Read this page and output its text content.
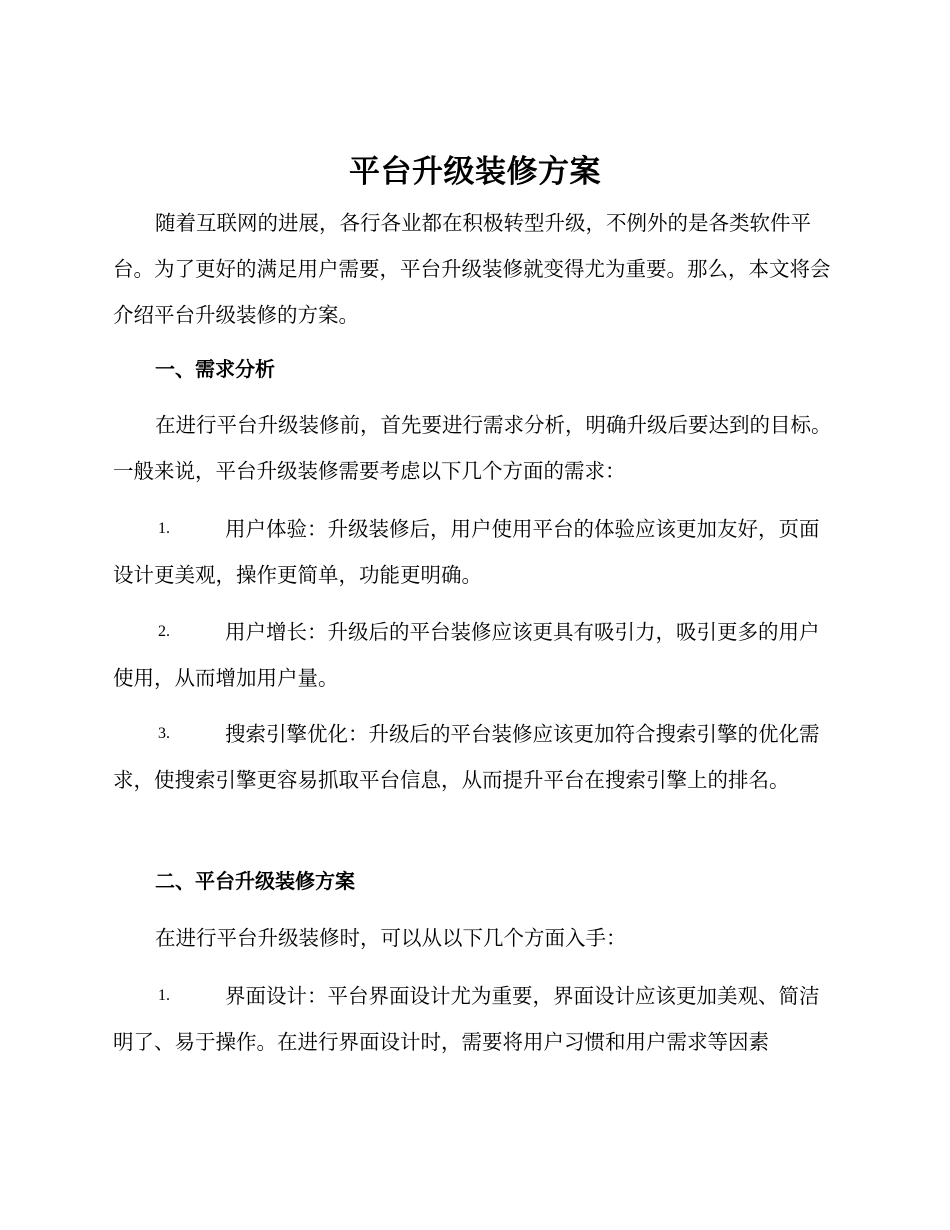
平台升级装修方案

随着互联网的进展，各行各业都在积极转型升级，不例外的是各类软件平台。为了更好的满足用户需要，平台升级装修就变得尤为重要。那么，本文将会介绍平台升级装修的方案。

一、需求分析

在进行平台升级装修前，首先要进行需求分析，明确升级后要达到的目标。一般来说，平台升级装修需要考虑以下几个方面的需求：

1.	用户体验：升级装修后，用户使用平台的体验应该更加友好，页面设计更美观，操作更简单，功能更明确。

2.	用户增长：升级后的平台装修应该更具有吸引力，吸引更多的用户使用，从而增加用户量。

3.	搜索引擎优化：升级后的平台装修应该更加符合搜索引擎的优化需求，使搜索引擎更容易抓取平台信息，从而提升平台在搜索引擎上的排名。

二、平台升级装修方案

在进行平台升级装修时，可以从以下几个方面入手：

1.	界面设计：平台界面设计尤为重要，界面设计应该更加美观、简洁明了、易于操作。在进行界面设计时，需要将用户习惯和用户需求等因素
